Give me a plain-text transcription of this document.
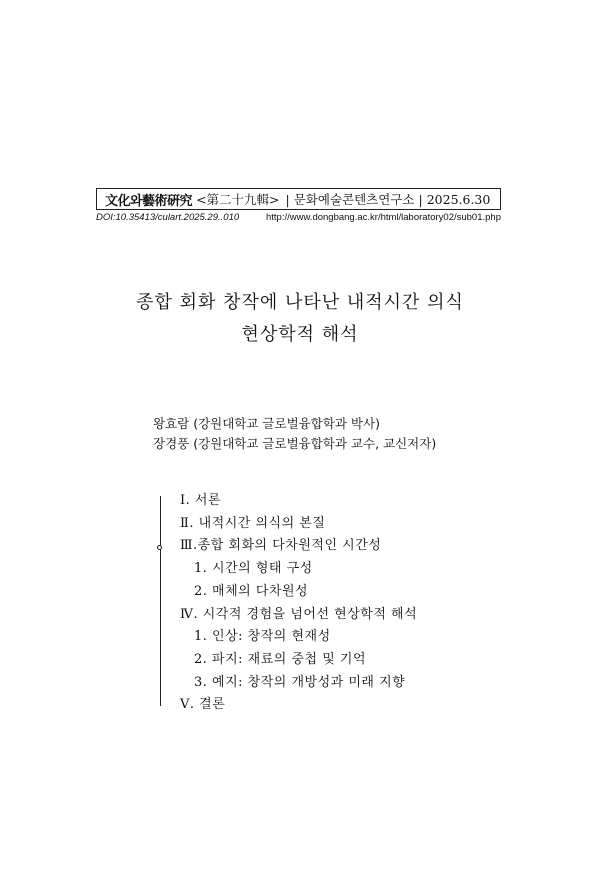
文化와藝術硏究 <第二十九輯> | 문화예술콘텐츠연구소 | 2025.6.30
DOI:10.35413/culart.2025.29..010	http://www.dongbang.ac.kr/html/laboratory02/sub01.php
종합 회화 창작에 나타난 내적시간 의식
현상학적 해석
왕효람 (강원대학교 글로벌융합학과 박사)
장경풍 (강원대학교 글로벌융합학과 교수, 교신저자)
Ⅰ. 서론
Ⅱ. 내적시간 의식의 본질
Ⅲ.종합 회화의 다차원적인 시간성
1. 시간의 형태 구성
2. 매체의 다차원성
Ⅳ. 시각적 경험을 넘어선 현상학적 해석
1. 인상: 창작의 현재성
2. 파지: 재료의 중첩 및 기억
3. 예지: 창작의 개방성과 미래 지향
Ⅴ. 결론
